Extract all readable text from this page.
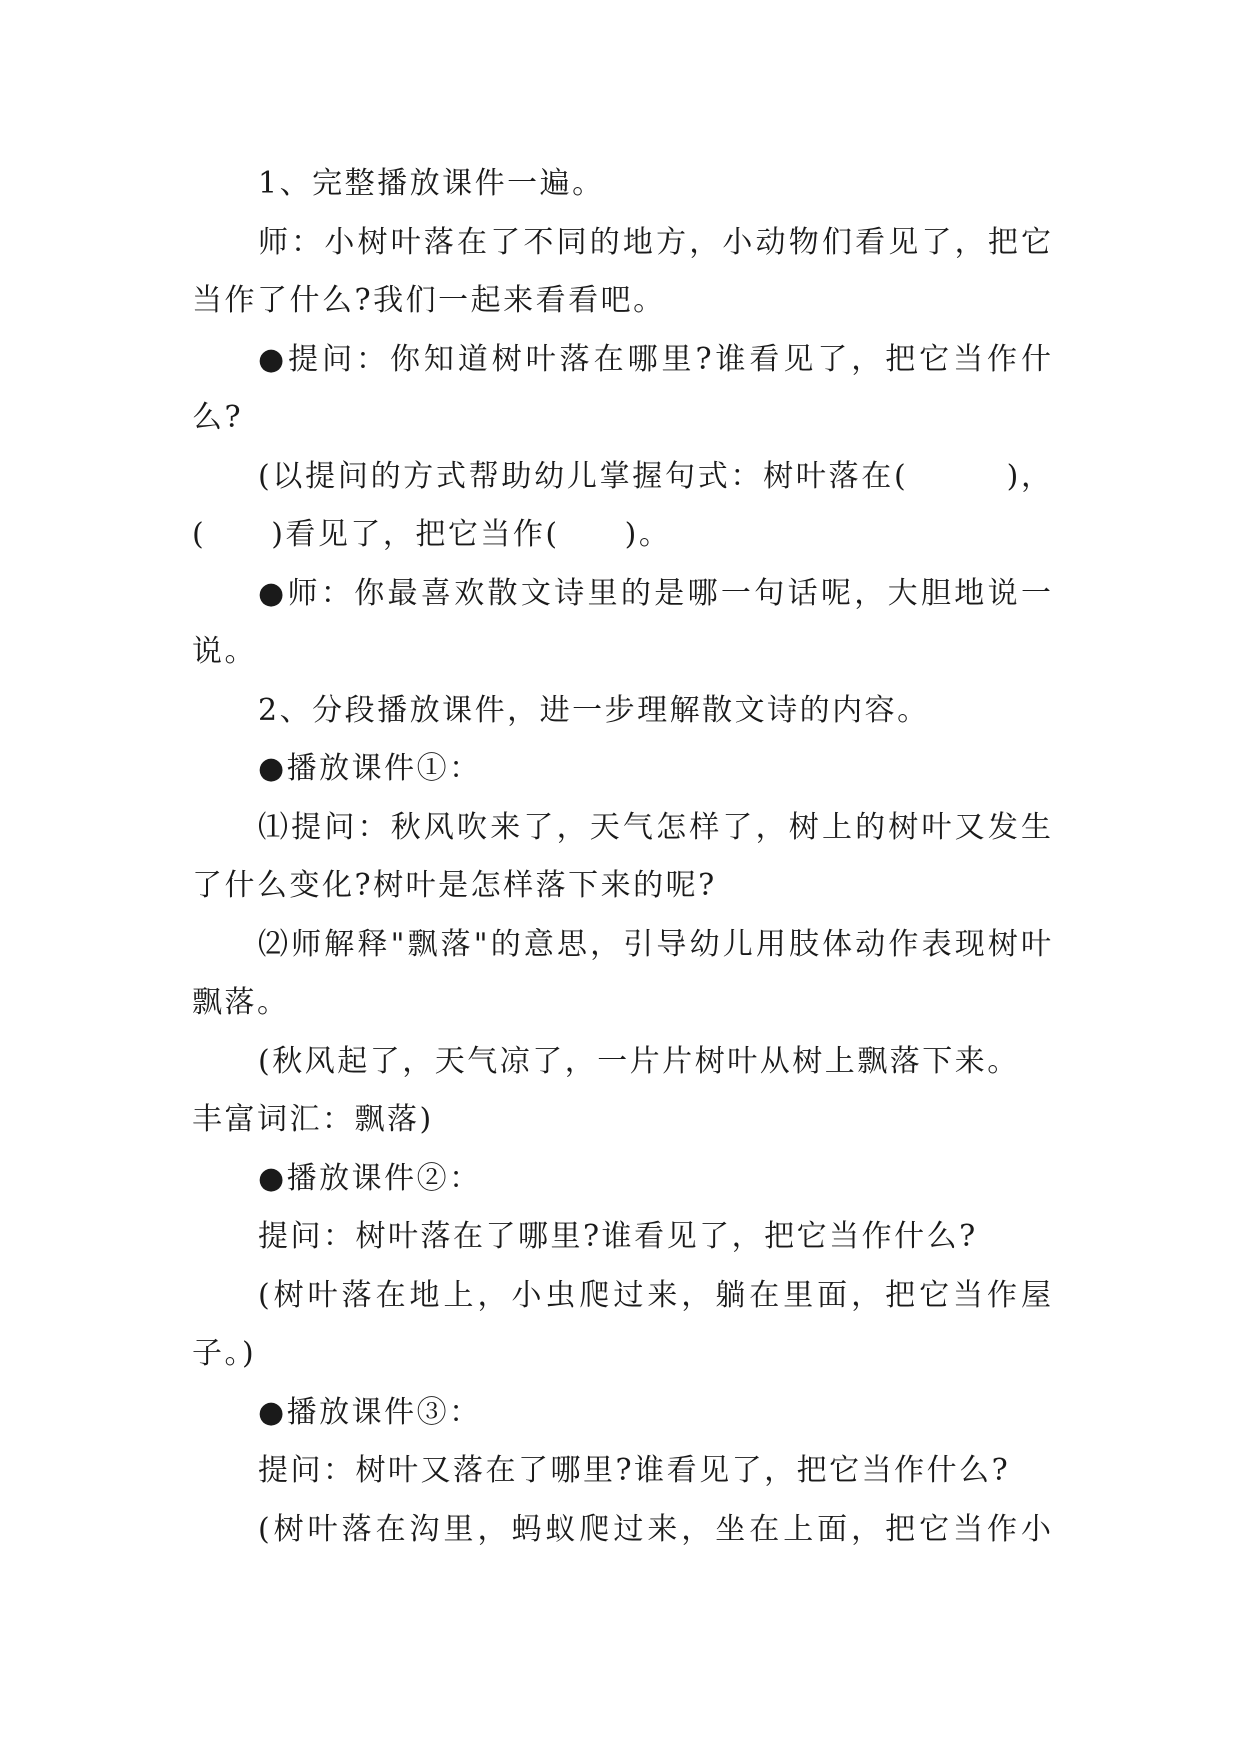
1、完整播放课件一遍。
师：小树叶落在了不同的地方，小动物们看见了，把它
当作了什么?我们一起来看看吧。
●提问：你知道树叶落在哪里?谁看见了，把它当作什
么?
(以提问的方式帮助幼儿掌握句式：树叶落在(　　　)，
(　　)看见了，把它当作(　　)。
●师：你最喜欢散文诗里的是哪一句话呢，大胆地说一
说。
2、分段播放课件，进一步理解散文诗的内容。
●播放课件①：
⑴提问：秋风吹来了，天气怎样了，树上的树叶又发生
了什么变化?树叶是怎样落下来的呢?
⑵师解释"飘落"的意思，引导幼儿用肢体动作表现树叶
飘落。
(秋风起了，天气凉了，一片片树叶从树上飘落下来。
丰富词汇：飘落)
●播放课件②：
提问：树叶落在了哪里?谁看见了，把它当作什么?
(树叶落在地上，小虫爬过来，躺在里面，把它当作屋
子。)
●播放课件③：
提问：树叶又落在了哪里?谁看见了，把它当作什么?
(树叶落在沟里，蚂蚁爬过来，坐在上面，把它当作小
